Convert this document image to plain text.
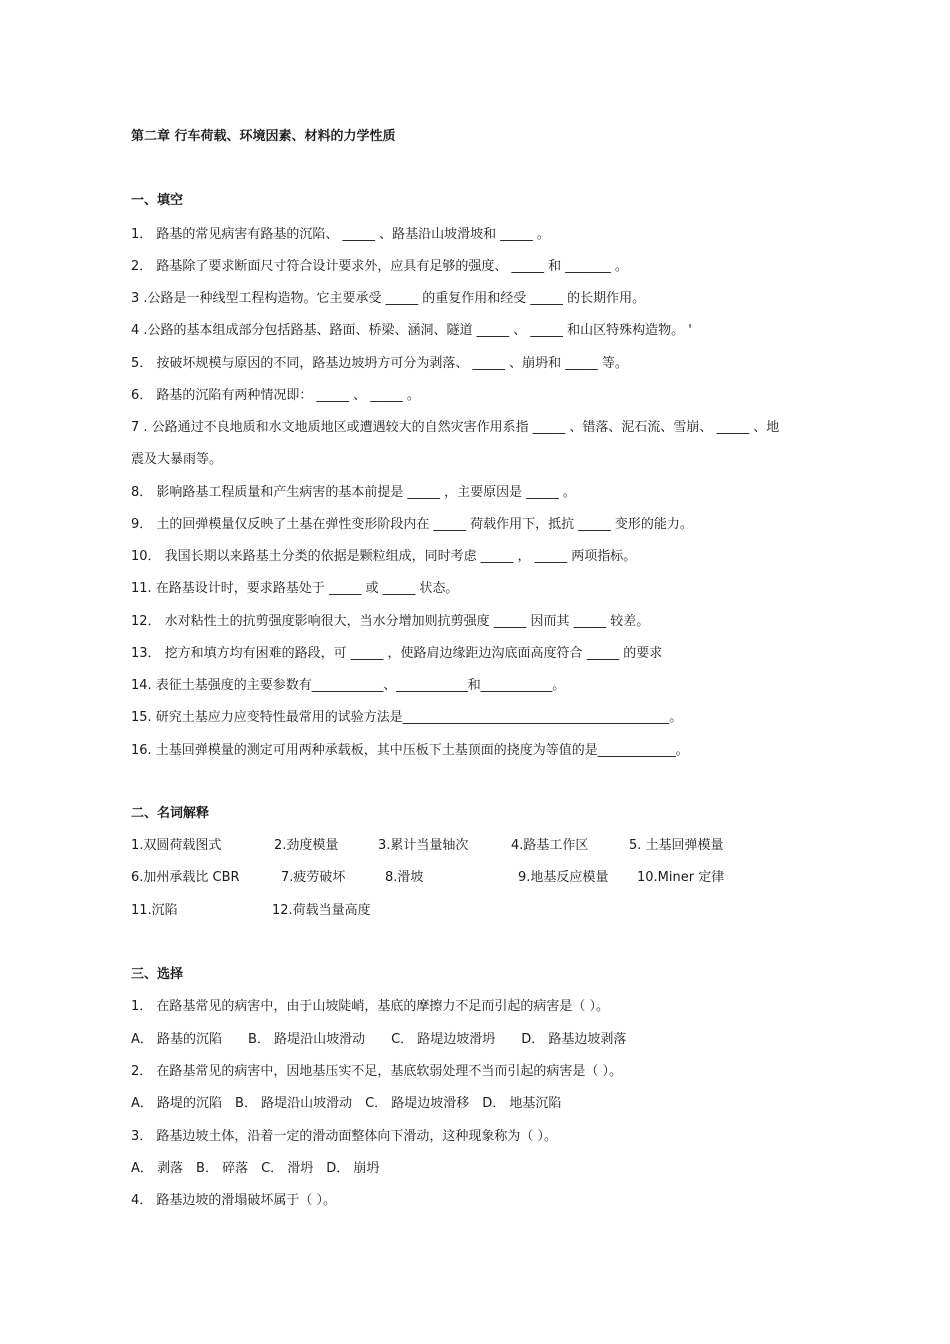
第二章 行车荷载、环境因素、材料的力学性质
一、填空
1． 路基的常见病害有路基的沉陷、 _____ 、路基沿山坡滑坡和 _____ 。
2． 路基除了要求断面尺寸符合设计要求外，应具有足够的强度、 _____ 和 _______ 。
3 .公路是一种线型工程构造物。它主要承受 _____ 的重复作用和经受 _____ 的长期作用。
4 .公路的基本组成部分包括路基、路面、桥梁、涵洞、隧道 _____ 、 _____ 和山区特殊构造物。 '
5． 按破坏规模与原因的不同，路基边坡坍方可分为剥落、 _____ 、崩坍和 _____ 等。
6． 路基的沉陷有两种情况即： _____ 、 _____ 。
7 . 公路通过不良地质和水文地质地区或遭遇较大的自然灾害作用系指 _____ 、错落、泥石流、雪崩、 _____ 、地
震及大暴雨等。
8． 影响路基工程质量和产生病害的基本前提是 _____ ，主要原因是 _____ 。
9． 土的回弹模量仅反映了土基在弹性变形阶段内在 _____ 荷载作用下，抵抗 _____ 变形的能力。
10． 我国长期以来路基土分类的依据是颗粒组成，同时考虑 _____ ， _____ 两项指标。
11. 在路基设计时，要求路基处于 _____ 或 _____ 状态。
12． 水对粘性土的抗剪强度影响很大，当水分增加则抗剪强度 _____ 因而其 _____ 较差。
13． 挖方和填方均有困难的路段，可 _____ ，使路肩边缘距边沟底面高度符合 _____ 的要求
14. 表征土基强度的主要参数有___________、___________和___________。
15. 研究土基应力应变特性最常用的试验方法是_________________________________________。
16. 土基回弹模量的测定可用两种承载板，其中压板下土基顶面的挠度为等值的是____________。
二、名词解释
1.双圆荷载图式	2.劲度模量	3.累计当量轴次	4.路基工作区	5. 土基回弹模量
6.加州承载比 CBR	7.疲劳破坏	8.滑坡	9.地基反应模量 10.Miner 定律
11.沉陷	12.荷载当量高度
三、选择
1． 在路基常见的病害中，由于山坡陡峭，基底的摩擦力不足而引起的病害是（ ）。
A． 路基的沉陷　　B． 路堤沿山坡滑动　　C． 路堤边坡滑坍　　D． 路基边坡剥落
2． 在路基常见的病害中，因地基压实不足，基底软弱处理不当而引起的病害是（ ）。
A． 路堤的沉陷　B． 路堤沿山坡滑动　C． 路堤边坡滑移　D． 地基沉陷
3． 路基边坡土体，沿着一定的滑动面整体向下滑动，这种现象称为（ ）。
A． 剥落　B． 碎落　C． 滑坍　D． 崩坍
4． 路基边坡的滑塌破坏属于（ ）。
